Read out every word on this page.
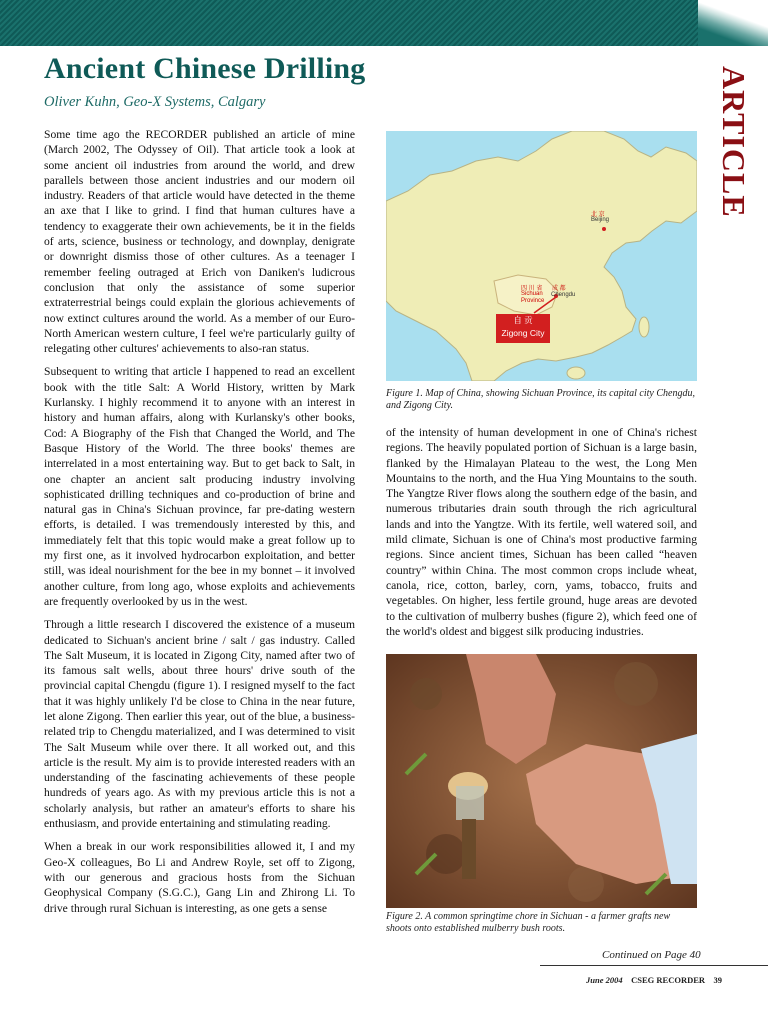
Ancient Chinese Drilling
Oliver Kuhn, Geo-X Systems, Calgary	ARTICLE

Some time ago the RECORDER published an article of mine (March 2002, The Odyssey of Oil). That article took a look at some ancient oil industries from around the world, and drew parallels between those ancient industries and our modern oil industry. Readers of that article would have detected in the theme an axe that I like to grind. I find that human cultures have a tendency to exaggerate their own achievements, be it in the fields of arts, science, business or technology, and downplay, denigrate or downright dismiss those of other cultures. As a teenager I remember feeling outraged at Erich von Daniken's ludicrous conclusion that only the assistance of some superior extraterrestrial beings could explain the glorious achievements of now extinct cultures around the world. As a member of our Euro-North American western culture, I feel we're particularly guilty of relegating other cultures' achievements to also-ran status.

Subsequent to writing that article I happened to read an excellent book with the title Salt: A World History, written by Mark Kurlansky. I highly recommend it to anyone with an interest in history and human affairs, along with Kurlansky's other books, Cod: A Biography of the Fish that Changed the World, and The Basque History of the World. The three books' themes are interrelated in a most entertaining way. But to get back to Salt, in one chapter an ancient salt producing industry involving sophisticated drilling techniques and co-production of brine and natural gas in China's Sichuan province, far pre-dating western efforts, is detailed. I was tremendously interested by this, and immediately felt that this topic would make a great follow up to my first one, as it involved hydrocarbon exploitation, and better still, was ideal nourishment for the bee in my bonnet – it involved another culture, from long ago, whose exploits and achievements are frequently overlooked by us in the west.

Through a little research I discovered the existence of a museum dedicated to Sichuan's ancient brine / salt / gas industry. Called The Salt Museum, it is located in Zigong City, named after two of its famous salt wells, about three hours' drive south of the provincial capital Chengdu (figure 1). I resigned myself to the fact that it was highly unlikely I'd be close to China in the near future, let alone Zigong. Then earlier this year, out of the blue, a business-related trip to Chengdu materialized, and I was determined to visit The Salt Museum while over there. It all worked out, and this article is the result. My aim is to provide interested readers with an understanding of the fascinating achievements of these people hundreds of years ago. As with my previous article this is not a scholarly analysis, but rather an amateur's efforts to share his enthusiasm, and provide entertaining and stimulating reading.

When a break in our work responsibilities allowed it, I and my Geo-X colleagues, Bo Li and Andrew Royle, set off to Zigong, with our generous and gracious hosts from the Sichuan Geophysical Company (S.G.C.), Gang Lin and Zhirong Li. To drive through rural Sichuan is interesting, as one gets a sense

北 京
Beijing
四 川 省
Sichuan
Province
成 都
Chengdu
自 贡
Zigong City
Figure 1. Map of China, showing Sichuan Province, its capital city Chengdu, and Zigong City.

of the intensity of human development in one of China's richest regions. The heavily populated portion of Sichuan is a large basin, flanked by the Himalayan Plateau to the west, the Long Men Mountains to the north, and the Hua Ying Mountains to the south. The Yangtze River flows along the southern edge of the basin, and numerous tributaries drain south through the rich agricultural lands and into the Yangtze. With its fertile, well watered soil, and mild climate, Sichuan is one of China's most productive farming regions. Since ancient times, Sichuan has been called “heaven country” within China. The most common crops include wheat, canola, rice, cotton, barley, corn, yams, tobacco, fruits and vegetables. On higher, less fertile ground, huge areas are devoted to the cultivation of mulberry bushes (figure 2), which feed one of the world's oldest and biggest silk producing industries.

Figure 2. A common springtime chore in Sichuan - a farmer grafts new shoots onto established mulberry bush roots.
Continued on Page 40
June 2004 CSEG RECORDER 39
